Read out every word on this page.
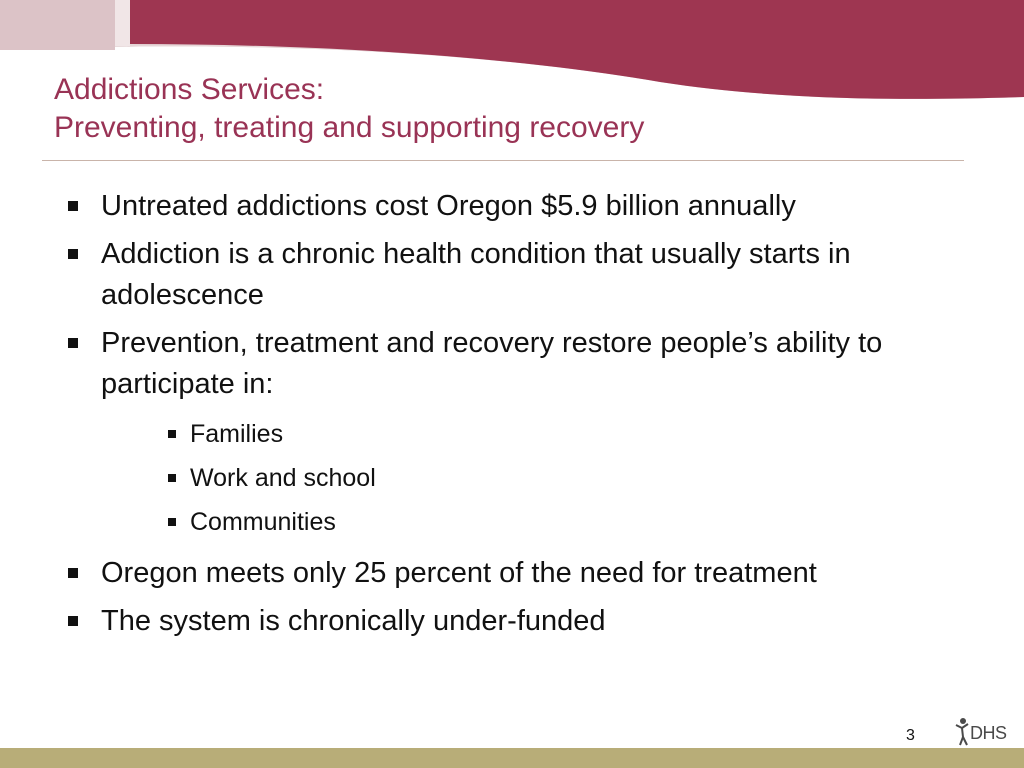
Addictions Services:
Preventing, treating and supporting recovery
Untreated addictions cost Oregon $5.9 billion annually
Addiction is a chronic health condition that usually starts in adolescence
Prevention, treatment and recovery restore people’s ability to participate in:
Families
Work and school
Communities
Oregon meets only 25 percent of the need for treatment
The system is chronically under-funded
3	DHS
